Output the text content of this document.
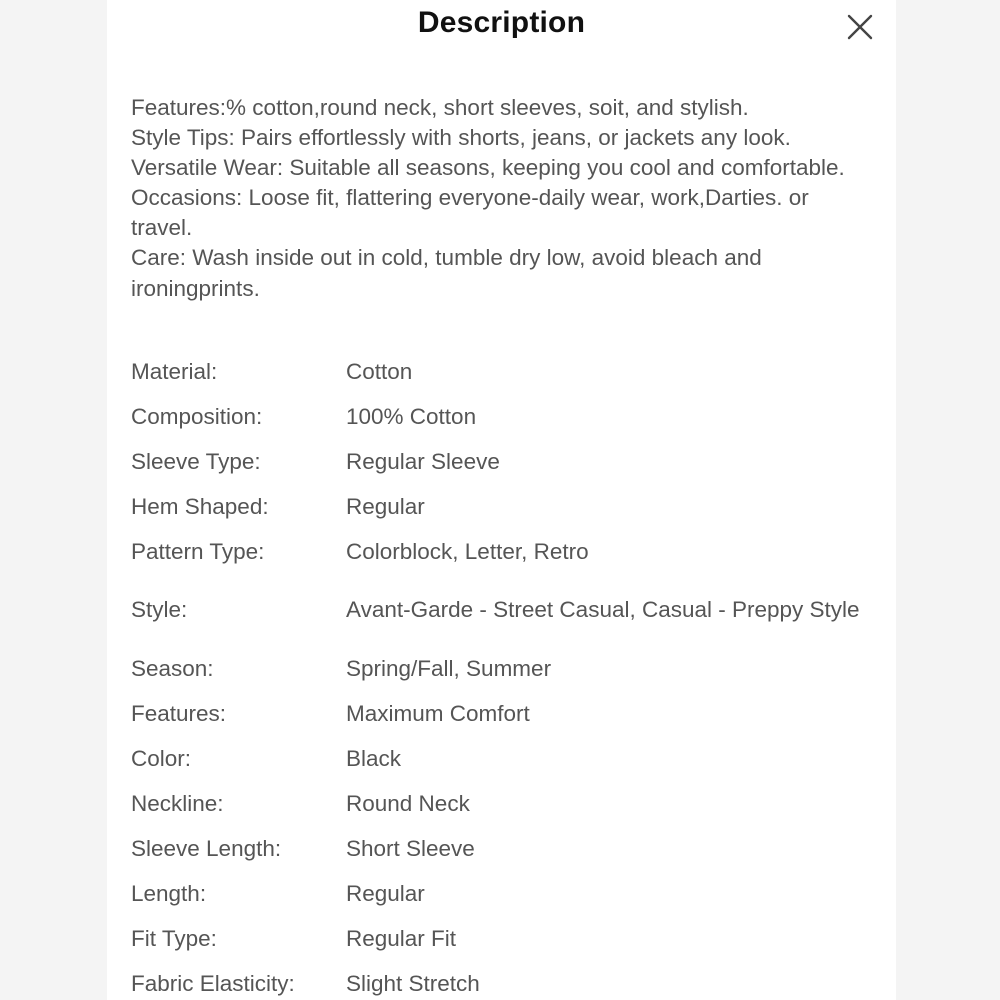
Description

Features:% cotton,round neck, short sleeves, soit, and stylish.

Style Tips: Pairs effortlessly with shorts, jeans, or jackets any look.

Versatile Wear: Suitable all seasons, keeping you cool and comfortable.

Occasions: Loose fit, flattering everyone-daily wear, work,Darties. or travel.

Care: Wash inside out in cold, tumble dry low, avoid bleach and ironingprints.

Material:	Cotton
Composition:	100% Cotton
Sleeve Type:	Regular Sleeve
Hem Shaped:	Regular
Pattern Type:	Colorblock, Letter, Retro
Style:	Avant-Garde - Street Casual, Casual - Preppy Style
Season:	Spring/Fall, Summer
Features:	Maximum Comfort
Color:	Black
Neckline:	Round Neck
Sleeve Length:	Short Sleeve
Length:	Regular
Fit Type:	Regular Fit
Fabric Elasticity:	Slight Stretch
